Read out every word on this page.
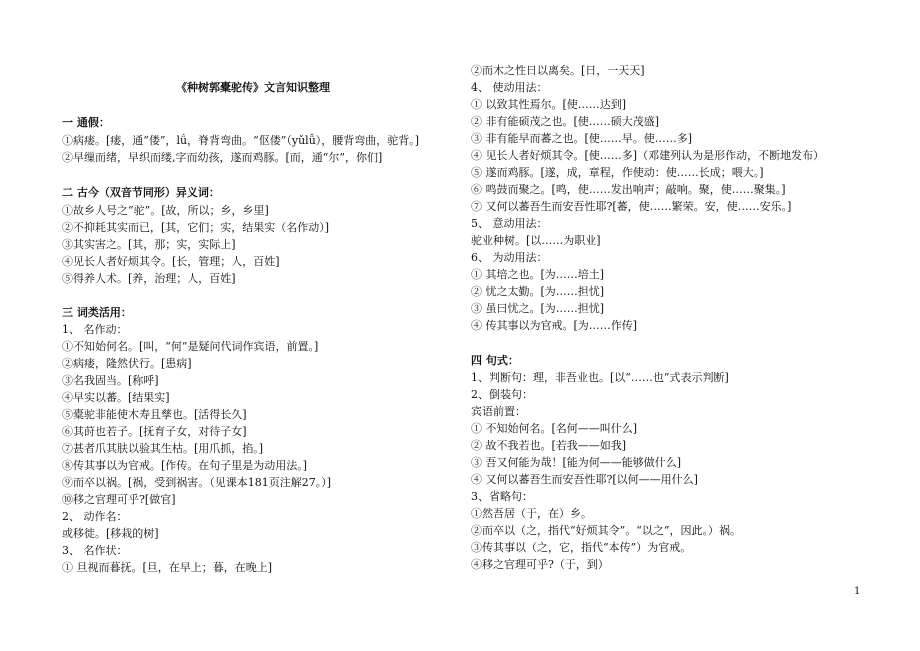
《种树郭橐驼传》文言知识整理
一 通假：
①病瘘。[瘘，通“偻”，lǘ，脊背弯曲。“伛偻”（yǔlǚ），腰背弯曲，驼背。]
②早缫而绪，早织而缕,字而幼孩，遂而鸡豚。[而，通“尔”，你们]
二 古今（双音节同形）异义词：
①故乡人号之“驼”。[故，所以；乡，乡里]
②不抑耗其实而已，[其，它们；实，结果实（名作动）]
③其实害之。[其，那；实，实际上]
④见长人者好烦其令。[长，管理；人，百姓]
⑤得养人术。[养，治理；人，百姓]
三 词类活用：
1、 名作动：
①不知始何名。[叫，“何”是疑问代词作宾语，前置。]
②病瘘，隆然伏行。[患病]
③名我固当。[称呼]
④早实以蕃。[结果实]
⑤橐驼非能使木寿且孳也。[活得长久]
⑥其莳也若子。[抚育子女，对待子女]
⑦甚者爪其肤以验其生枯。[用爪抓，掐。]
⑧传其事以为官戒。[作传。在句子里是为动用法。]
⑨而卒以祸。[祸，受到祸害。（见课本181页注解27。）]
⑩移之官理可乎?[做官]
2、 动作名：
或移徙。[移栽的树]
3、 名作状：
① 旦视而暮抚。[旦，在早上；暮，在晚上]
②而木之性日以离矣。[日，一天天]
4、 使动用法：
① 以致其性焉尔。[使……达到]
② 非有能硕茂之也。[使……硕大茂盛]
③ 非有能早而蕃之也。[使……早。使……多]
④ 见长人者好烦其令。[使……多]（邓建列认为是形作动，不断地发布）
⑤ 遂而鸡豚。[遂，成，章程，作使动：使……长成；喂大。]
⑥ 鸣鼓而聚之。[鸣，使……发出响声；敲响。聚，使……聚集。]
⑦ 又何以蕃吾生而安吾性耶?[蕃，使……繁荣。安，使……安乐。]
5、 意动用法：
驼业种树。[以……为职业]
6、 为动用法：
① 其培之也。[为……培土]
② 忧之太勤。[为……担忧]
③ 虽曰忧之。[为……担忧]
④ 传其事以为官戒。[为……作传]
四 句式：
1、判断句：理，非吾业也。[以“……也”式表示判断]
2、倒装句：
宾语前置：
① 不知始何名。[名何——叫什么]
② 故不我若也。[若我——如我]
③ 吾又何能为哉！[能为何——能够做什么]
④ 又何以蕃吾生而安吾性耶?[以何——用什么]
3、省略句：
①然吾居（于，在）乡。
②而卒以（之，指代“好烦其令”。“以之”，因此。）祸。
③传其事以（之，它，指代“本传”）为官戒。
④移之官理可乎?（于，到）
1
